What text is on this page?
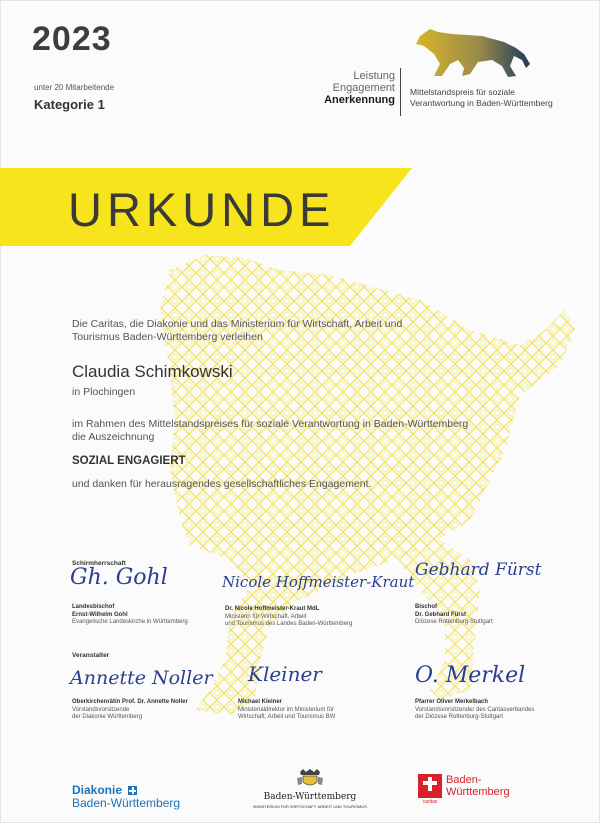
2023
unter 20 Mitarbeitende
Kategorie 1
Leistung
Engagement
Anerkennung
Mittelstandspreis für soziale
Verantwortung in Baden-Württemberg
URKUNDE
Die Caritas, die Diakonie und das Ministerium für Wirtschaft, Arbeit und
Tourismus Baden-Württemberg verleihen
Claudia Schimkowski
in Plochingen
im Rahmen des Mittelstandspreises für soziale Verantwortung in Baden-Württemberg
die Auszeichnung
SOZIAL ENGAGIERT
und danken für herausragendes gesellschaftliches Engagement.
Schirmherrschaft
Gh. Gohl
Landesbischof
Ernst-Wilhelm Gohl
Evangelische Landeskirche in Württemberg
Nicole Hoffmeister-Kraut
Dr. Nicole Hoffmeister-Kraut MdL
Ministerin für Wirtschaft, Arbeit
und Tourismus des Landes Baden-Württemberg
Gebhard Fürst
Bischof
Dr. Gebhard Fürst
Diözese Rottenburg-Stuttgart
Veranstalter
Annette Noller
Oberkirchenrätin Prof. Dr. Annette Noller
Vorstandsvorsitzende
der Diakonie Württemberg
Kleiner
Michael Kleiner
Ministerialdirektor im Ministerium für
Wirtschaft, Arbeit und Tourismus BW
O. Merkel
Pfarrer Oliver Merkelbach
Vorstandsvorsitzender des Caritasverbandes
der Diözese Rottenburg-Stuttgart
Diakonie
Baden-Württemberg	Baden-Württemberg
MINISTERIUM FÜR WIRTSCHAFT, ARBEIT UND TOURISMUS
caritas
Baden-
Württemberg
